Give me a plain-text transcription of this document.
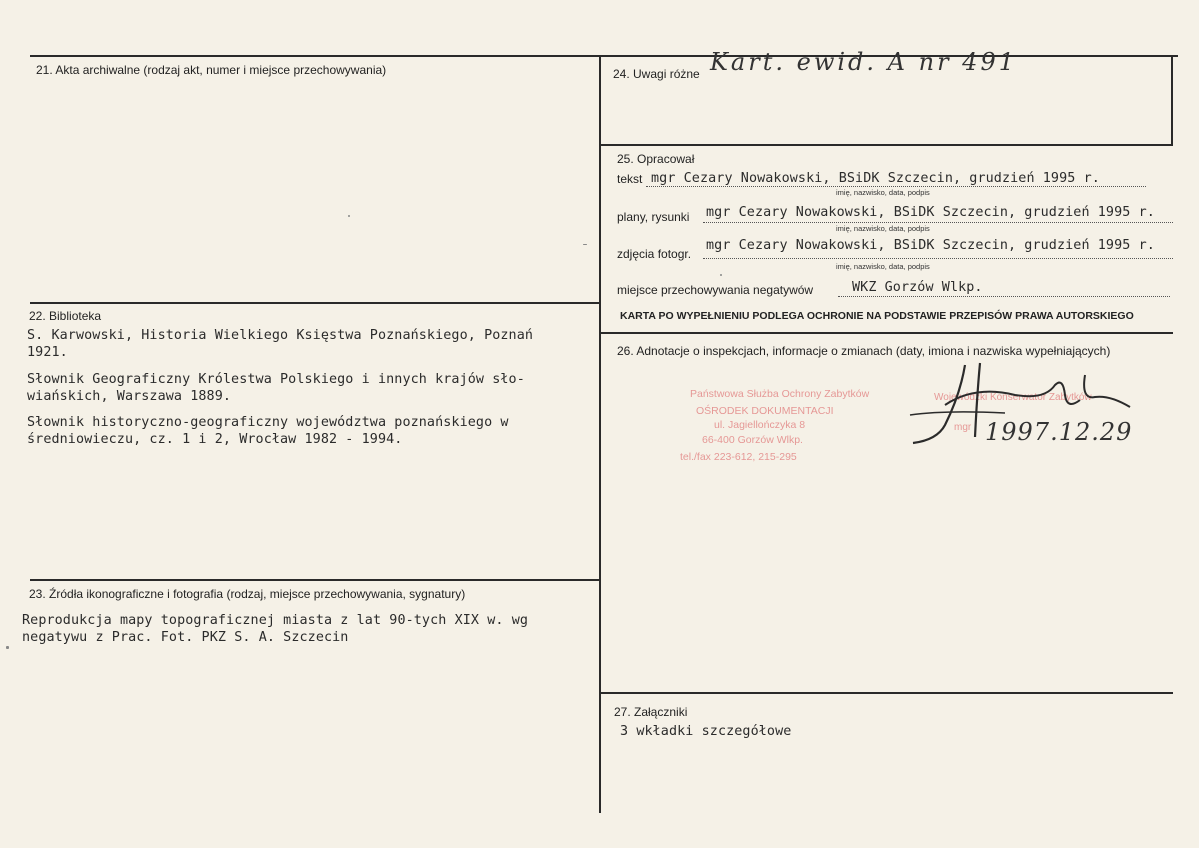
21. Akta archiwalne (rodzaj akt, numer i miejsce przechowywania)
22. Biblioteka
S. Karwowski, Historia Wielkiego Księstwa Poznańskiego, Poznań
1921.
Słownik Geograficzny Królestwa Polskiego i innych krajów sło-
wiańskich, Warszawa 1889.
Słownik historyczno-geograficzny województwa poznańskiego w
średniowieczu, cz. 1 i 2, Wrocław 1982 - 1994.
23. Źródła ikonograficzne i fotografia (rodzaj, miejsce przechowywania, sygnatury)
Reprodukcja mapy topograficznej miasta z lat 90-tych XIX w. wg
negatywu z Prac. Fot. PKZ S. A. Szczecin
24. Uwagi różne Kart. ewid. A nr 491
25. Opracował
tekst mgr Cezary Nowakowski, BSiDK Szczecin, grudzień 1995 r.
imię, nazwisko, data, podpis
plany, rysunki mgr Cezary Nowakowski, BSiDK Szczecin, grudzień 1995 r.
imię, nazwisko, data, podpis
zdjęcia fotogr.
mgr Cezary Nowakowski, BSiDK Szczecin, grudzień 1995 r.
imię, nazwisko, data, podpis
miejsce przechowywania negatywów	WKZ Gorzów Wlkp.
KARTA PO WYPEŁNIENIU PODLEGA OCHRONIE NA PODSTAWIE PRZEPISÓW PRAWA AUTORSKIEGO
26. Adnotacje o inspekcjach, informacje o zmianach (daty, imiona i nazwiska wypełniających)
Państwowa Służba Ochrony Zabytków
OŚRODEK DOKUMENTACJI
ul. Jagiellończyka 8
66-400 Gorzów Wlkp.
tel./fax 223-612, 215-295
Wojewódzki Konserwator Zabytków
mgr 1997.12.29
27. Załączniki
3 wkładki szczegółowe
